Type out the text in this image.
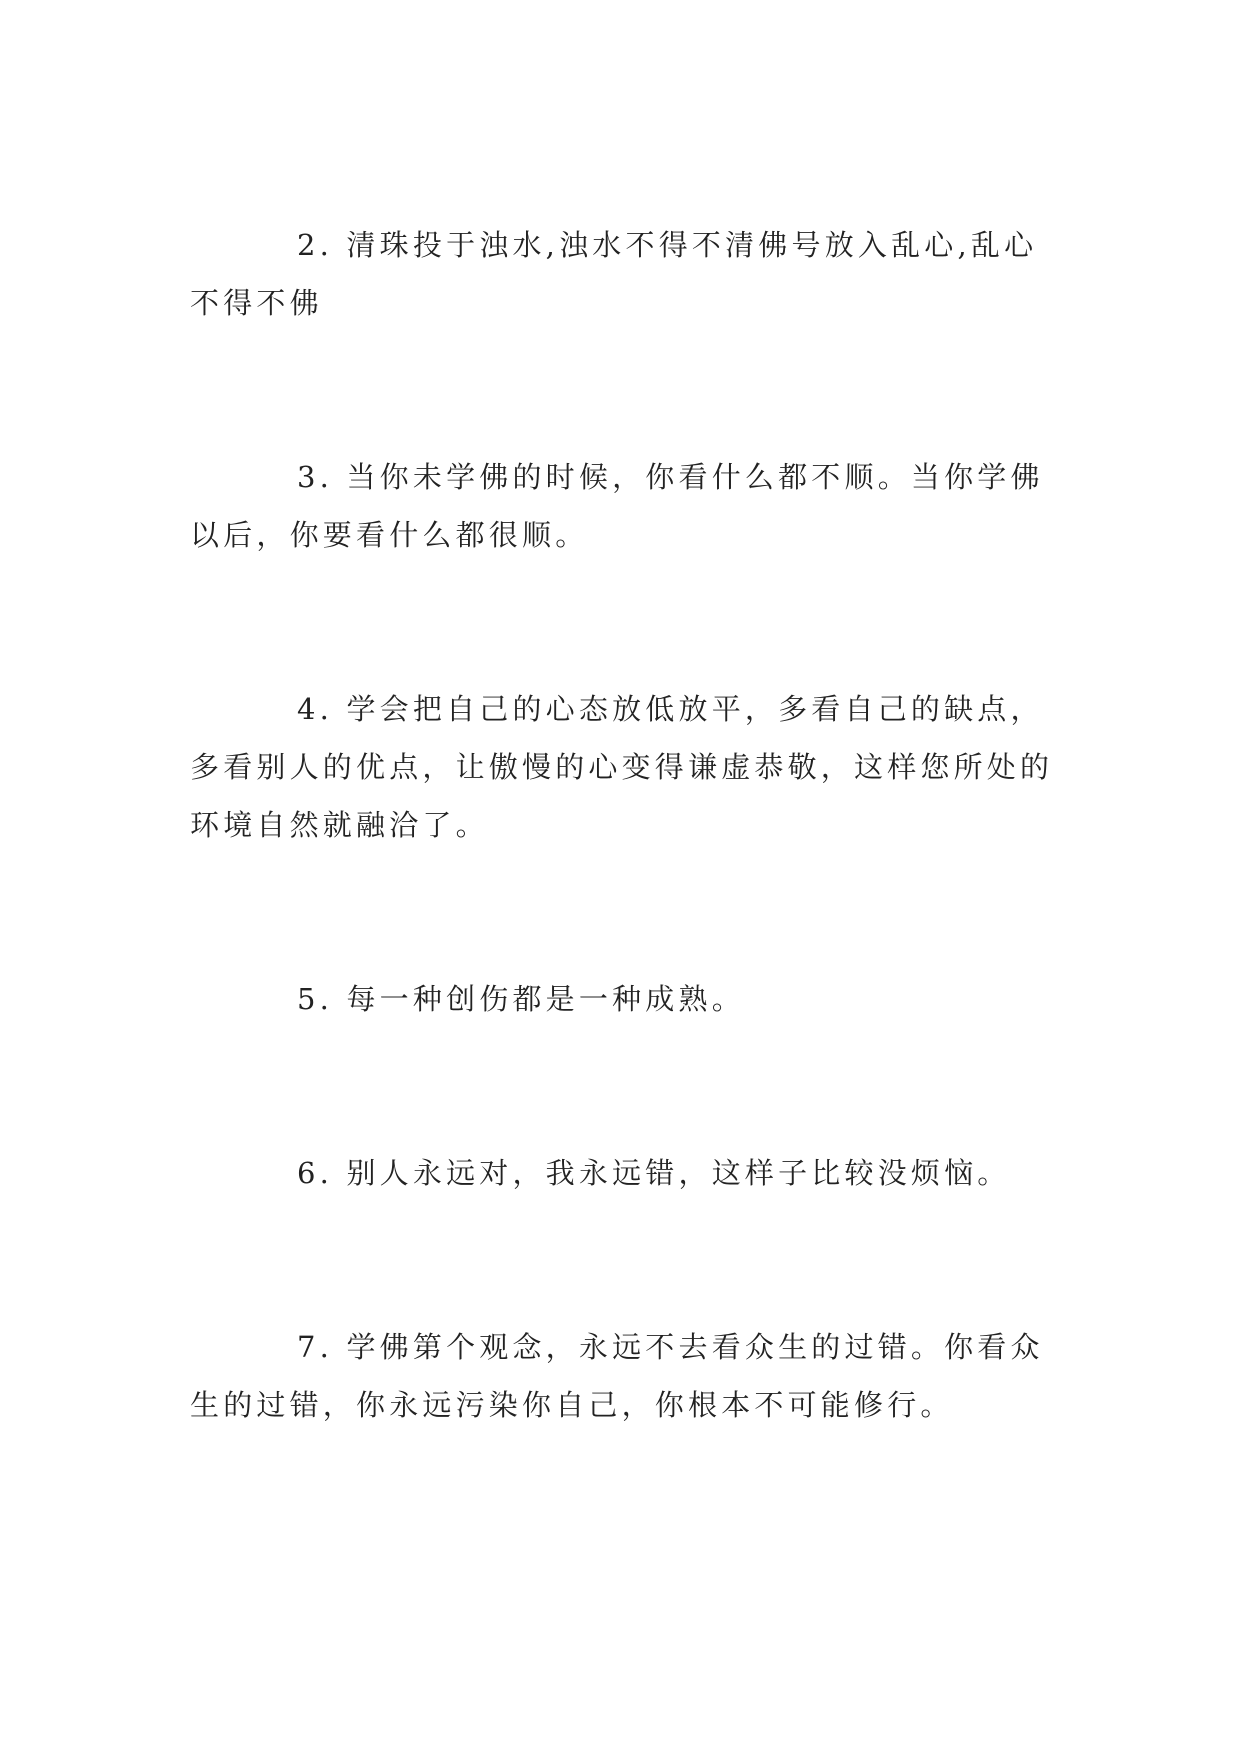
2. 清珠投于浊水,浊水不得不清佛号放入乱心,乱心不得不佛

3. 当你未学佛的时候，你看什么都不顺。当你学佛以后，你要看什么都很顺。

4. 学会把自己的心态放低放平，多看自己的缺点，多看别人的优点，让傲慢的心变得谦虚恭敬，这样您所处的环境自然就融洽了。

5. 每一种创伤都是一种成熟。

6. 别人永远对，我永远错，这样子比较没烦恼。

7. 学佛第个观念，永远不去看众生的过错。你看众生的过错，你永远污染你自己，你根本不可能修行。
